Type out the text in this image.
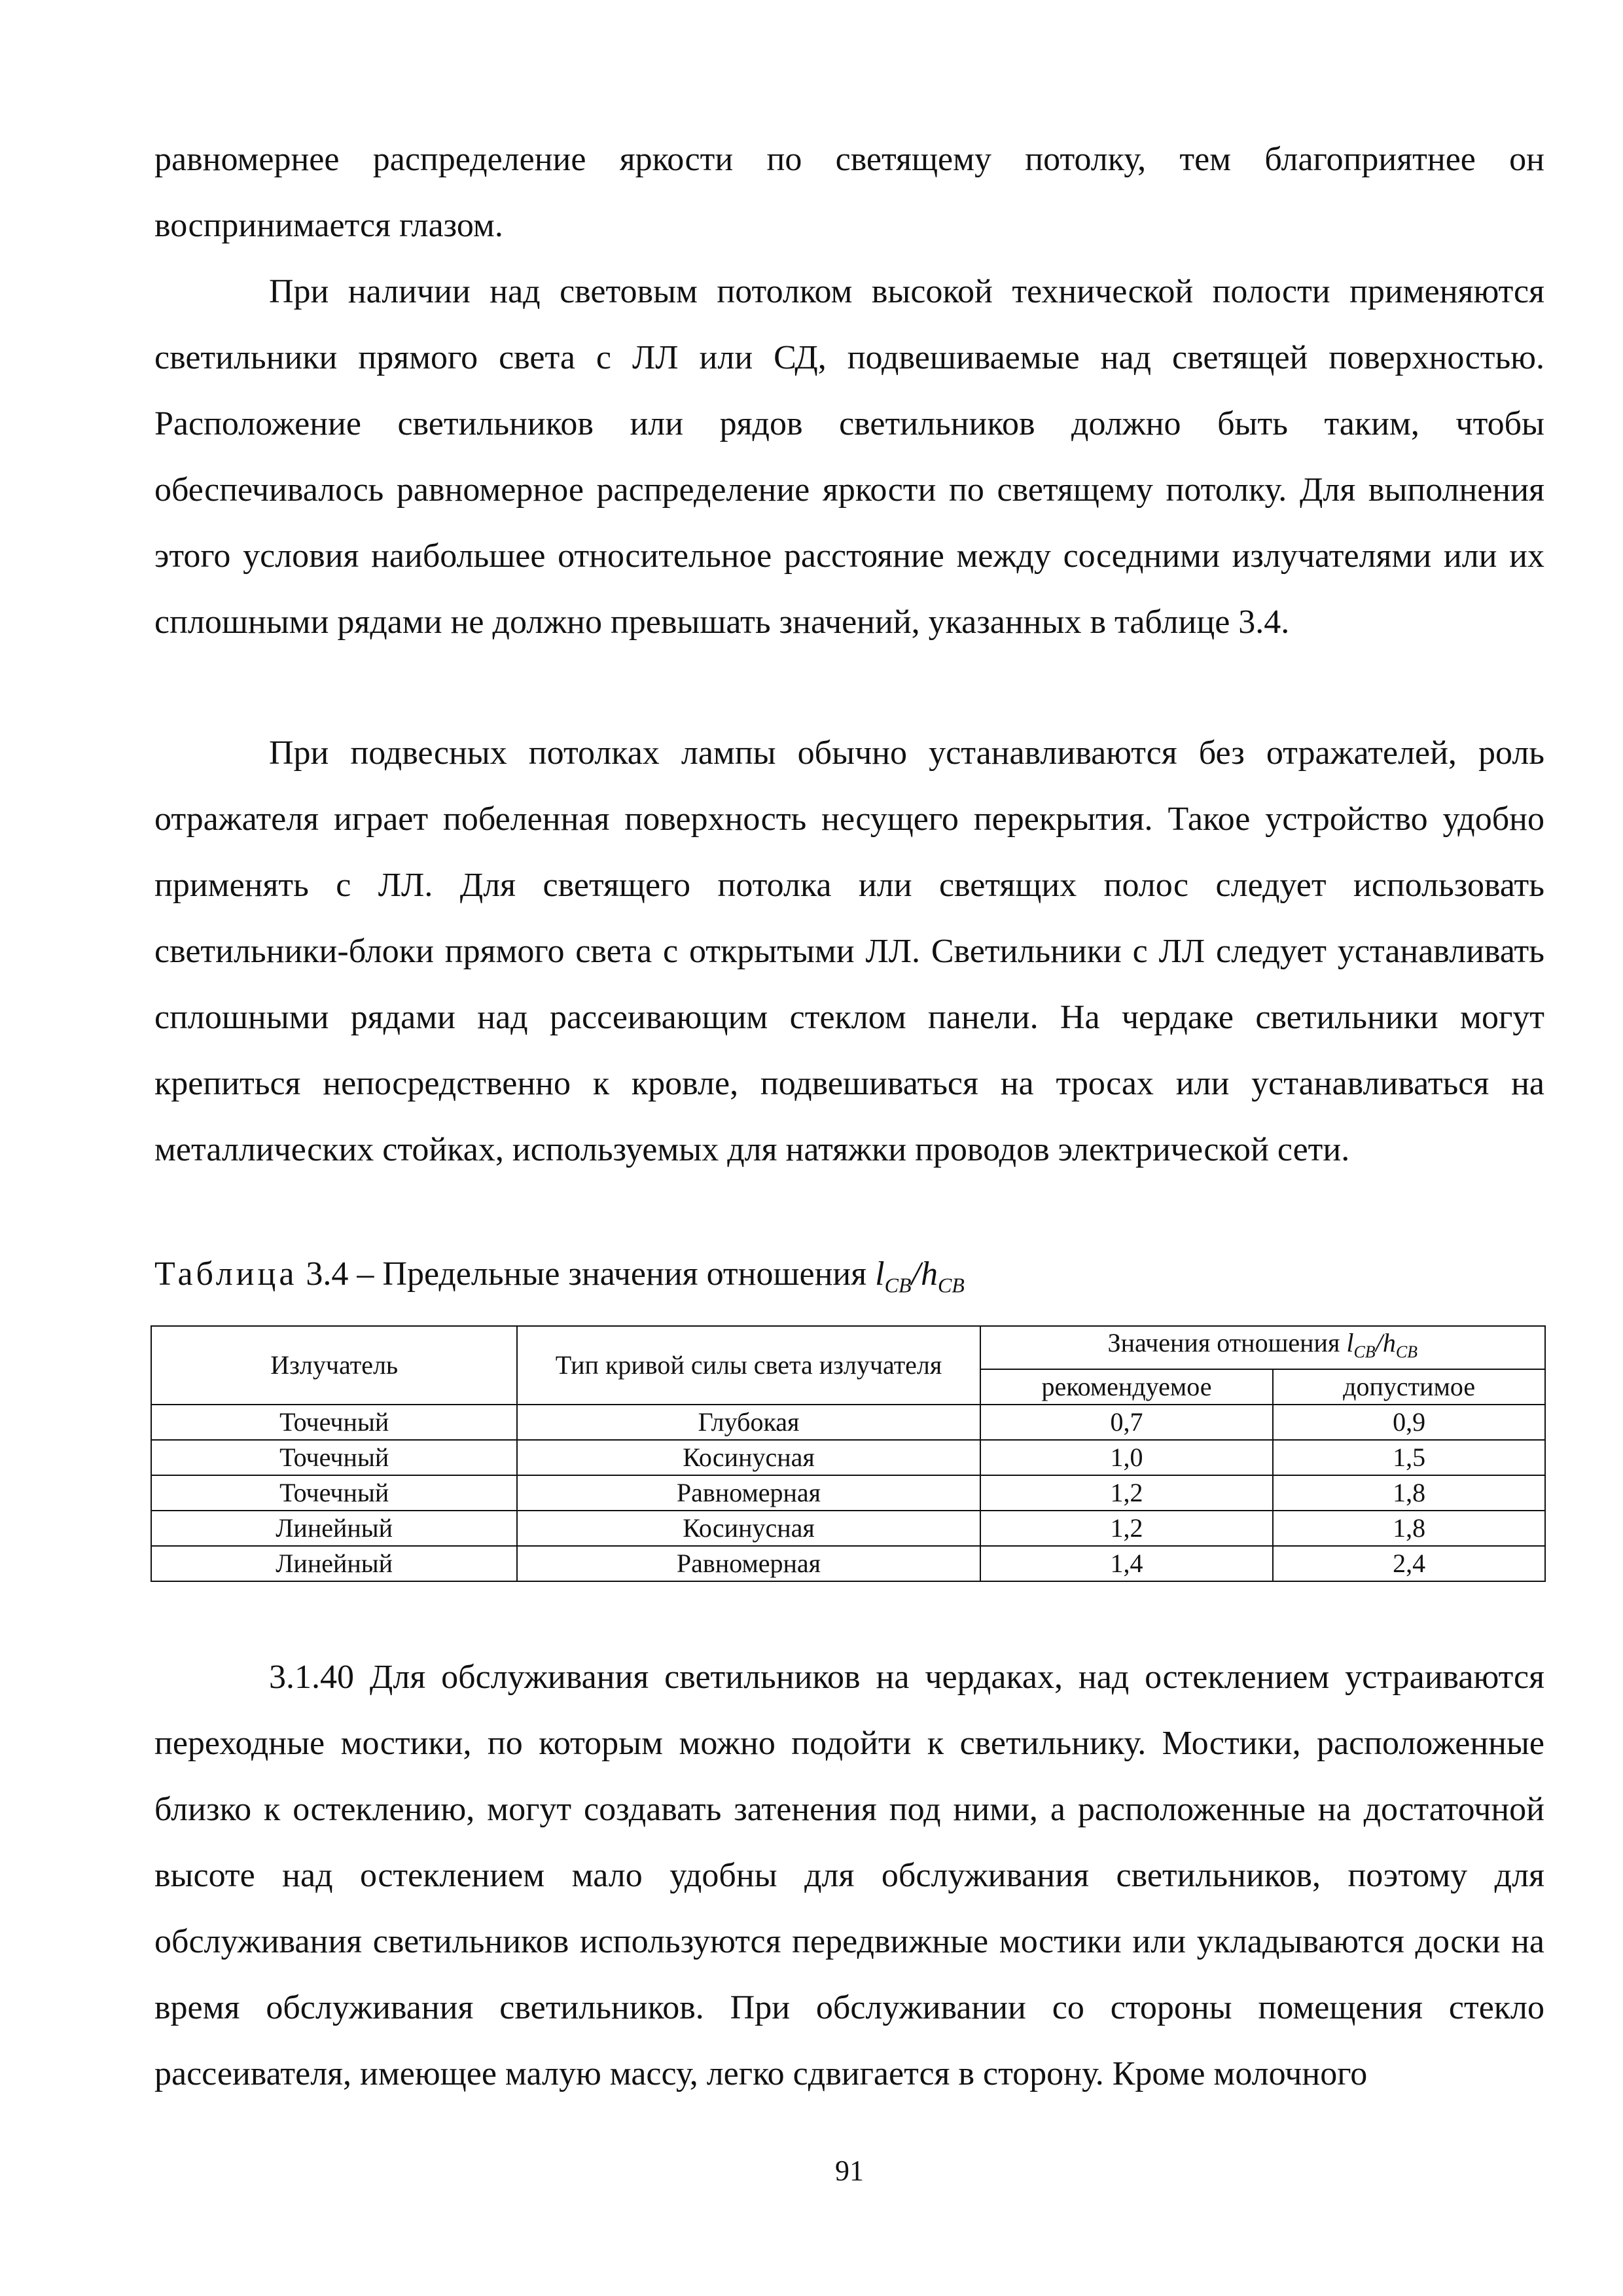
равномернее распределение яркости по светящему потолку, тем благоприятнее он воспринимается глазом.

При наличии над световым потолком высокой технической полости применяются светильники прямого света с ЛЛ или СД, подвешиваемые над светящей поверхностью. Расположение светильников или рядов светильников должно быть таким, чтобы обеспечивалось равномерное распределение яркости по светящему потолку. Для выполнения этого условия наибольшее относительное расстояние между соседними излучателями или их сплошными рядами не должно превышать значений, указанных в таблице 3.4.

При подвесных потолках лампы обычно устанавливаются без отражателей, роль отражателя играет побеленная поверхность несущего перекрытия. Такое устройство удобно применять с ЛЛ. Для светящего потолка или светящих полос следует использовать светильники-блоки прямого света с открытыми ЛЛ. Светильники с ЛЛ следует устанавливать сплошными рядами над рассеивающим стеклом панели. На чердаке светильники могут крепиться непосредственно к кровле, подвешиваться на тросах или устанавливаться на металлических стойках, используемых для натяжки проводов электрической сети.

Таблица 3.4 – Предельные значения отношения $l_{СВ}/h_{СВ}$
Излучатель	Тип кривой силы света излучателя	Значения отношения $l_{СВ}/h_{СВ}$
		рекомендуемое	допустимое
Точечный	Глубокая	0,7	0,9
Точечный	Косинусная	1,0	1,5
Точечный	Равномерная	1,2	1,8
Линейный	Косинусная	1,2	1,8
Линейный	Равномерная	1,4	2,4

3.1.40 Для обслуживания светильников на чердаках, над остеклением устраиваются переходные мостики, по которым можно подойти к светильнику. Мостики, расположенные близко к остеклению, могут создавать затенения под ними, а расположенные на достаточной высоте над остеклением мало удобны для обслуживания светильников, поэтому для обслуживания светильников используются передвижные мостики или укладываются доски на время обслуживания светильников. При обслуживании со стороны помещения стекло рассеивателя, имеющее малую массу, легко сдвигается в сторону. Кроме молочного

91
